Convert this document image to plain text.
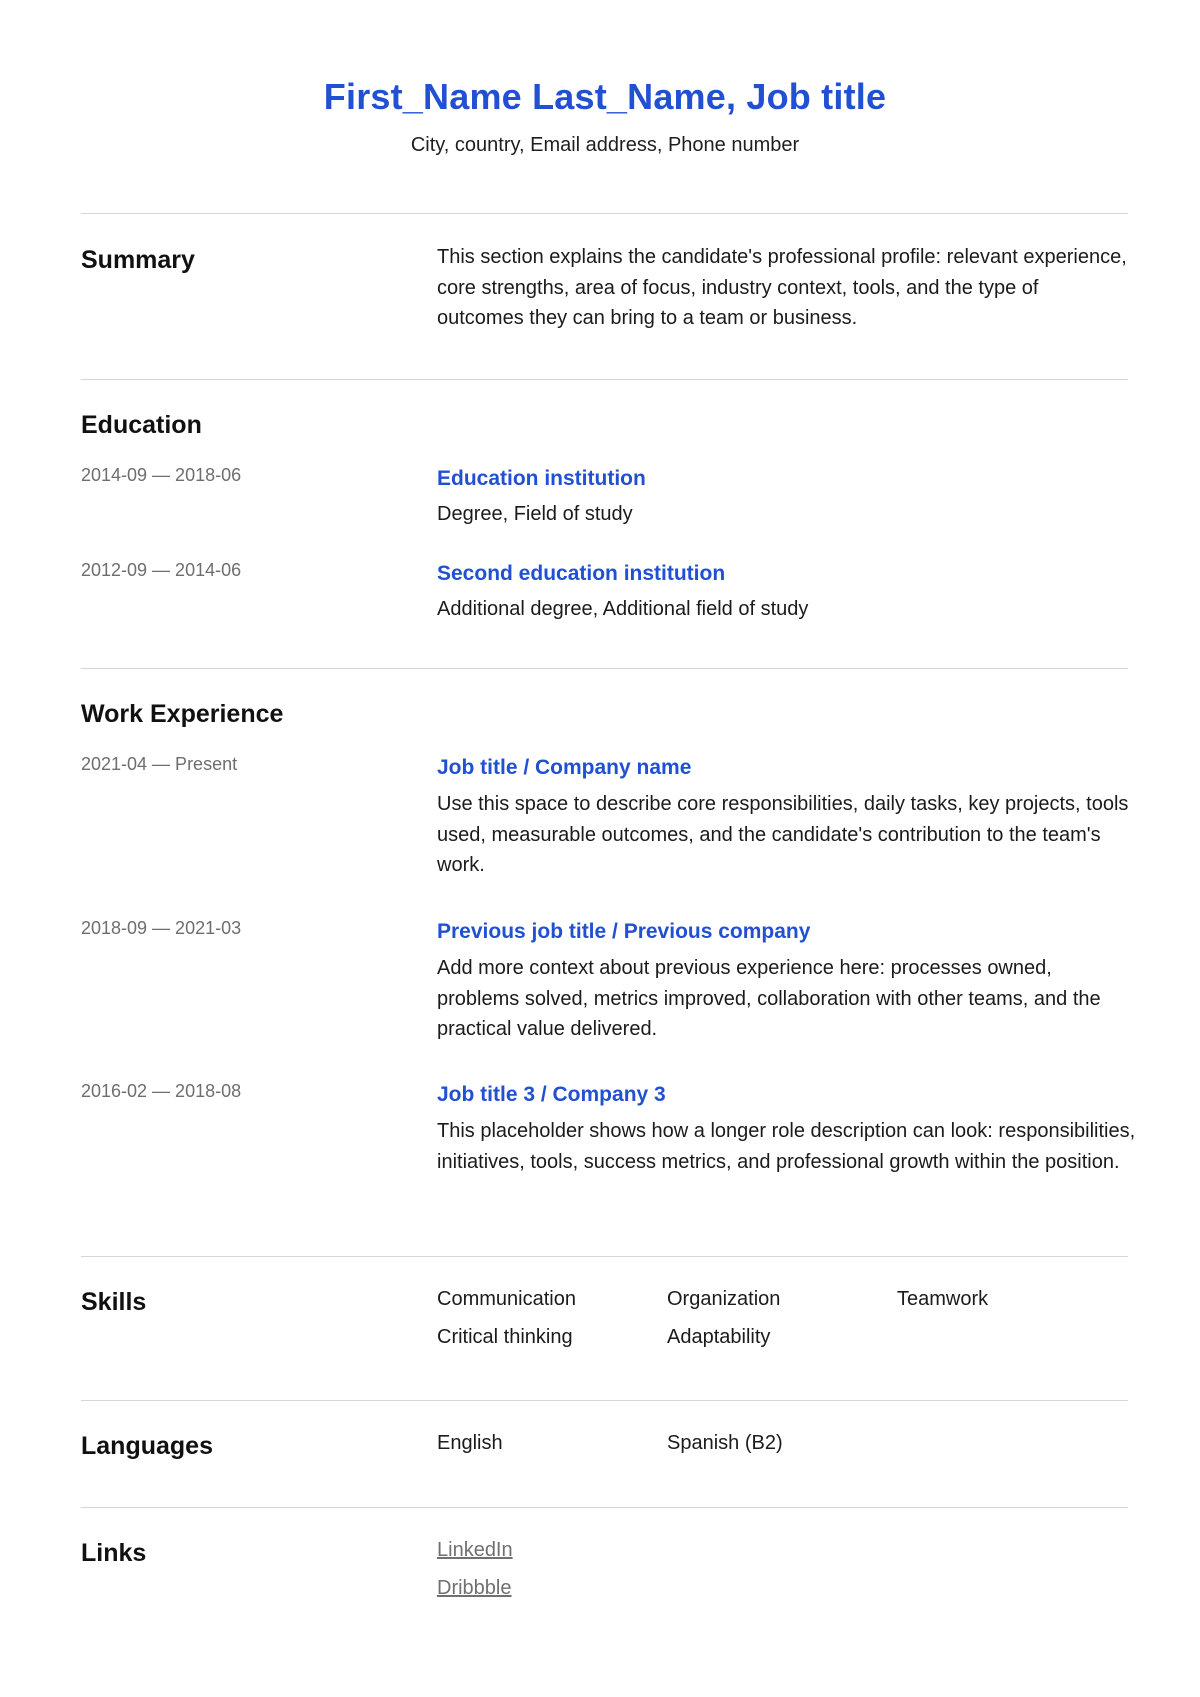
First_Name Last_Name, Job title
City, country, Email address, Phone number
Summary	This section explains the candidate's professional profile: relevant experience, core strengths, area of focus, industry context, tools, and the type of outcomes they can bring to a team or business.
Education
2014-09 — 2018-06	Education institution
Degree, Field of study
2012-09 — 2014-06	Second education institution
Additional degree, Additional field of study
Work Experience
2021-04 — Present	Job title / Company name
Use this space to describe core responsibilities, daily tasks, key projects, tools used, measurable outcomes, and the candidate's contribution to the team's work.
2018-09 — 2021-03	Previous job title / Previous company
Add more context about previous experience here: processes owned, problems solved, metrics improved, collaboration with other teams, and the practical value delivered.
2016-02 — 2018-08	Job title 3 / Company 3
This placeholder shows how a longer role description can look: responsibilities, initiatives, tools, success metrics, and professional growth within the position.
Skills	Communication	Organization	Teamwork
Critical thinking	Adaptability
Languages	English	Spanish (B2)
Links	LinkedIn
Dribbble
